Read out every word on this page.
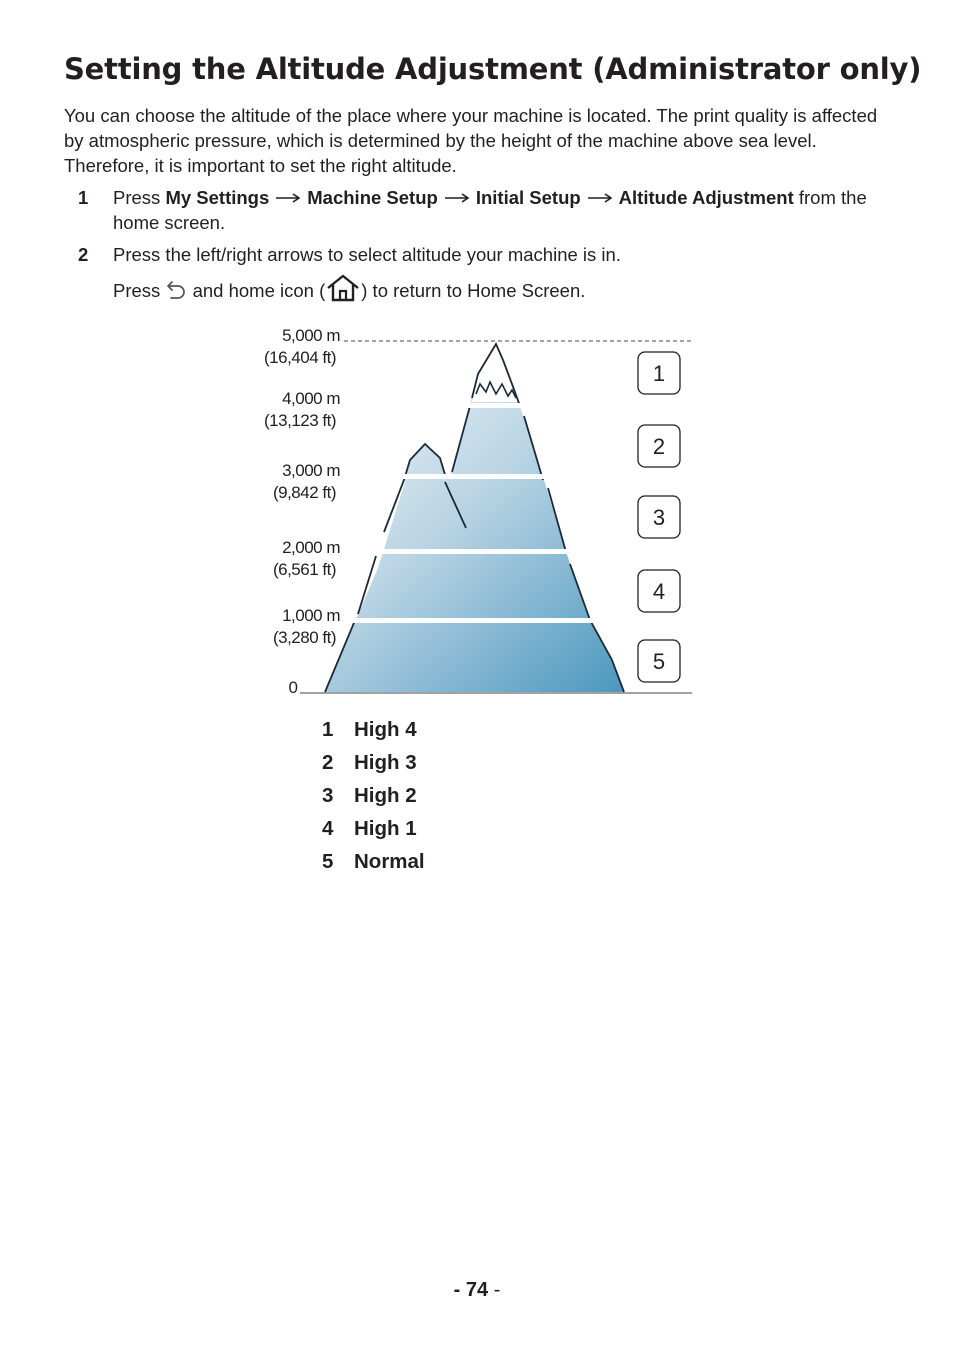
Setting the Altitude Adjustment (Administrator only)

You can choose the altitude of the place where your machine is located. The print quality is affected by atmospheric pressure, which is determined by the height of the machine above sea level. Therefore, it is important to set the right altitude.

1 Press My Settings Machine Setup Initial Setup Altitude Adjustment from the home screen.
2 Press the left/right arrows to select altitude your machine is in.
Press  and home icon ( ) to return to Home Screen.
5,000 m
(16,404 ft)
4,000 m
(13,123 ft)
3,000 m
(9,842 ft)
2,000 m
(6,561 ft)
1,000 m
(3,280 ft)
0
1
2
3
4
5
1 High 4
2 High 3
3 High 2
4 High 1
5 Normal
- 74 -
